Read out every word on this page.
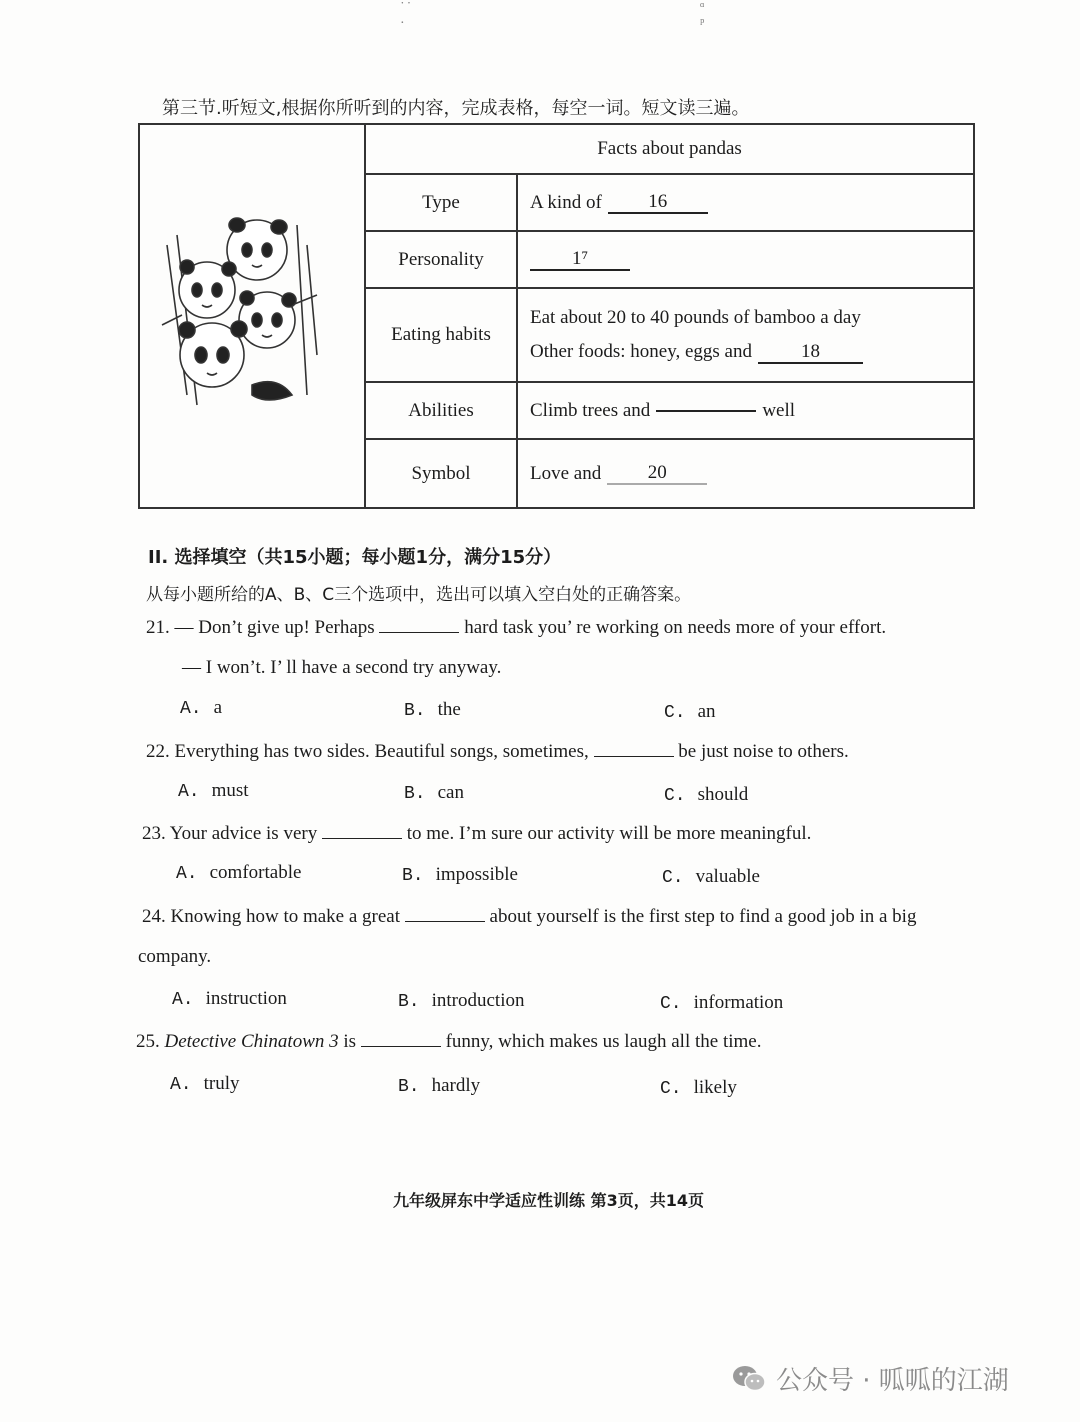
˙˙ ·
ᵅ ᵖ
第三节.听短文,根据你所听到的内容，完成表格，每空一词。短文读三遍。
Facts about pandas
Type	A kind of	16
Personality	1⁷
Eating habits
Eat about 20 to 40 pounds of bamboo a day
Other foods: honey, eggs and	18
Abilities	Climb trees and	well
Symbol	Love and	20
II. 选择填空（共15小题；每小题1分，满分15分）
从每小题所给的A、B、C三个选项中，选出可以填入空白处的正确答案。
21. — Don’t give up! Perhaps	hard task you’ re working on needs more of your effort.
— I won’t. I’ ll have a second try anyway.
A. a	B. the	C. an
22. Everything has two sides. Beautiful songs, sometimes,	be just noise to others.
A. must	B. can	C. should
23. Your advice is very	to me. I’m sure our activity will be more meaningful.
A. comfortable	B. impossible	C. valuable
24. Knowing how to make a great	about yourself is the first step to find a good job in a big
company.
A. instruction	B. introduction	C. information
25. Detective Chinatown 3 is	funny, which makes us laugh all the time.
A. truly	B. hardly	C. likely
九年级屏东中学适应性训练 第3页，共14页
公众号 · 呱呱的江湖
